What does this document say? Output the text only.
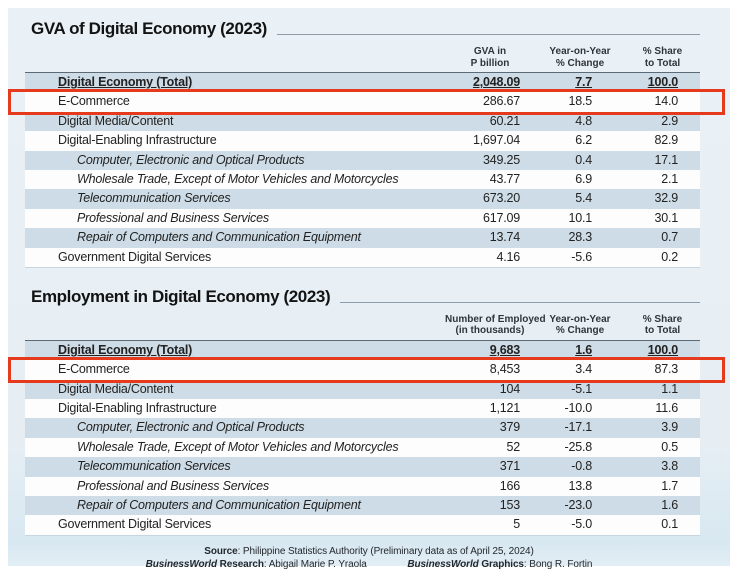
GVA of Digital Economy (2023)
GVA in
P billion
Year-on-Year
% Change
% Share
to Total
Digital Economy (Total)	2,048.09	7.7	100.0
E-Commerce	286.67	18.5	14.0
Digital Media/Content	60.21	4.8	2.9
Digital-Enabling Infrastructure	1,697.04	6.2	82.9
Computer, Electronic and Optical Products	349.25	0.4	17.1
Wholesale Trade, Except of Motor Vehicles and Motorcycles	43.77	6.9	2.1
Telecommunication Services	673.20	5.4	32.9
Professional and Business Services	617.09	10.1	30.1
Repair of Computers and Communication Equipment	13.74	28.3	0.7
Government Digital Services	4.16	-5.6	0.2
Employment in Digital Economy (2023)
Number of Employed
(in thousands)
Year-on-Year
% Change
% Share
to Total
Digital Economy (Total)	9,683	1.6	100.0
E-Commerce	8,453	3.4	87.3
Digital Media/Content	104	-5.1	1.1
Digital-Enabling Infrastructure	1,121	-10.0	11.6
Computer, Electronic and Optical Products	379	-17.1	3.9
Wholesale Trade, Except of Motor Vehicles and Motorcycles	52	-25.8	0.5
Telecommunication Services	371	-0.8	3.8
Professional and Business Services	166	13.8	1.7
Repair of Computers and Communication Equipment	153	-23.0	1.6
Government Digital Services	5	-5.0	0.1
Source: Philippine Statistics Authority (Preliminary data as of April 25, 2024)
BusinessWorld Research: Abigail Marie P. Yraola	BusinessWorld Graphics: Bong R. Fortin
